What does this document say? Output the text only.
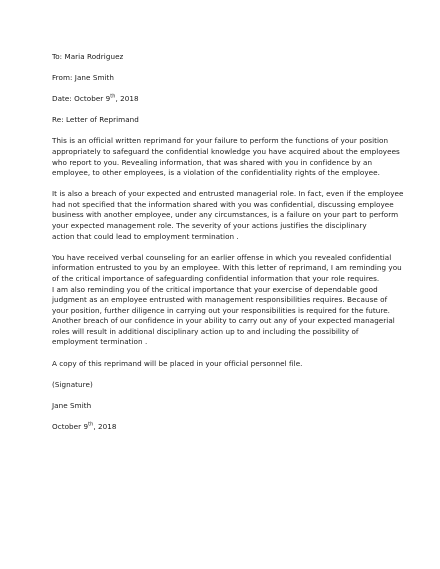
To: Maria Rodriguez
From: Jane Smith
Date: October 9th, 2018
Re: Letter of Reprimand
This is an official written reprimand for your failure to perform the functions of your position
appropriately to safeguard the confidential knowledge you have acquired about the employees
who report to you. Revealing information, that was shared with you in confidence by an
employee, to other employees, is a violation of the confidentiality rights of the employee.
It is also a breach of your expected and entrusted managerial role. In fact, even if the employee
had not specified that the information shared with you was confidential, discussing employee
business with another employee, under any circumstances, is a failure on your part to perform
your expected management role. The severity of your actions justifies the disciplinary
action that could lead to employment termination .
You have received verbal counseling for an earlier offense in which you revealed confidential
information entrusted to you by an employee. With this letter of reprimand, I am reminding you
of the critical importance of safeguarding confidential information that your role requires.
I am also reminding you of the critical importance that your exercise of dependable good
judgment as an employee entrusted with management responsibilities requires. Because of
your position, further diligence in carrying out your responsibilities is required for the future.
Another breach of our confidence in your ability to carry out any of your expected managerial
roles will result in additional disciplinary action up to and including the possibility of
employment termination .
A copy of this reprimand will be placed in your official personnel file.
(Signature)
Jane Smith
October 9th, 2018
